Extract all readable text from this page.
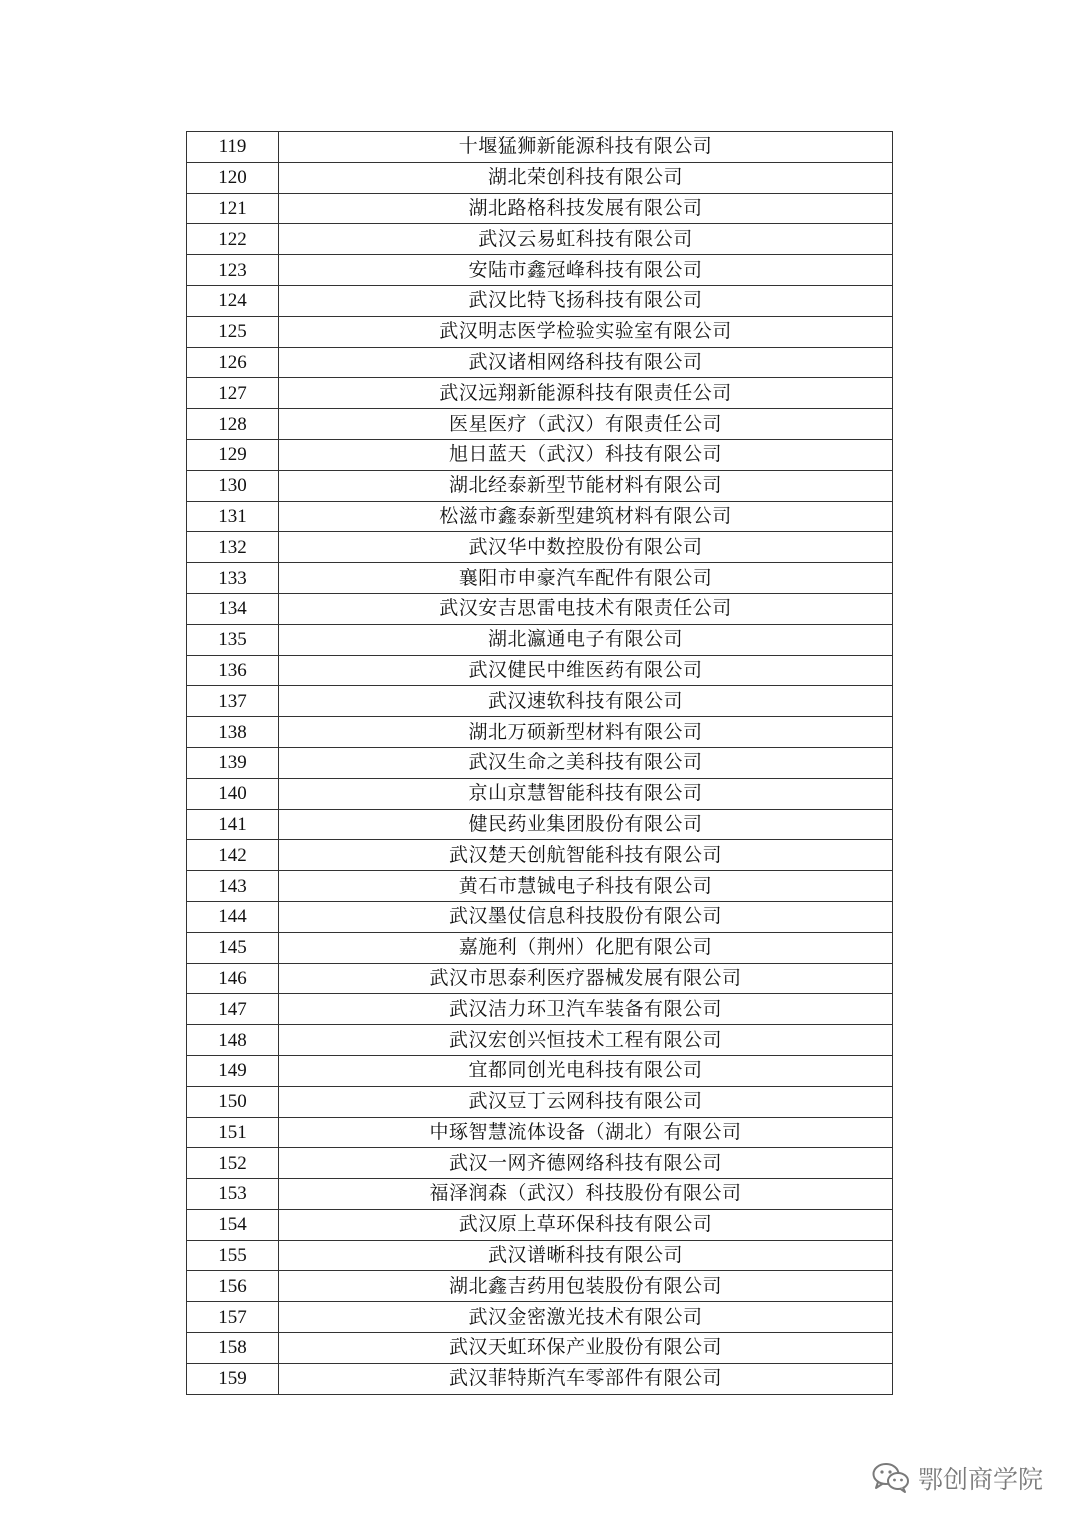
119	十堰猛狮新能源科技有限公司
120	湖北荣创科技有限公司
121	湖北路格科技发展有限公司
122	武汉云易虹科技有限公司
123	安陆市鑫冠峰科技有限公司
124	武汉比特飞扬科技有限公司
125	武汉明志医学检验实验室有限公司
126	武汉诸相网络科技有限公司
127	武汉远翔新能源科技有限责任公司
128	医星医疗（武汉）有限责任公司
129	旭日蓝天（武汉）科技有限公司
130	湖北经泰新型节能材料有限公司
131	松滋市鑫泰新型建筑材料有限公司
132	武汉华中数控股份有限公司
133	襄阳市申豪汽车配件有限公司
134	武汉安吉思雷电技术有限责任公司
135	湖北瀛通电子有限公司
136	武汉健民中维医药有限公司
137	武汉速软科技有限公司
138	湖北万硕新型材料有限公司
139	武汉生命之美科技有限公司
140	京山京慧智能科技有限公司
141	健民药业集团股份有限公司
142	武汉楚天创航智能科技有限公司
143	黄石市慧铖电子科技有限公司
144	武汉墨仗信息科技股份有限公司
145	嘉施利（荆州）化肥有限公司
146	武汉市思泰利医疗器械发展有限公司
147	武汉洁力环卫汽车装备有限公司
148	武汉宏创兴恒技术工程有限公司
149	宜都同创光电科技有限公司
150	武汉豆丁云网科技有限公司
151	中琢智慧流体设备（湖北）有限公司
152	武汉一网齐德网络科技有限公司
153	福泽润森（武汉）科技股份有限公司
154	武汉原上草环保科技有限公司
155	武汉谱晰科技有限公司
156	湖北鑫吉药用包装股份有限公司
157	武汉金密激光技术有限公司
158	武汉天虹环保产业股份有限公司
159	武汉菲特斯汽车零部件有限公司
鄂创商学院
